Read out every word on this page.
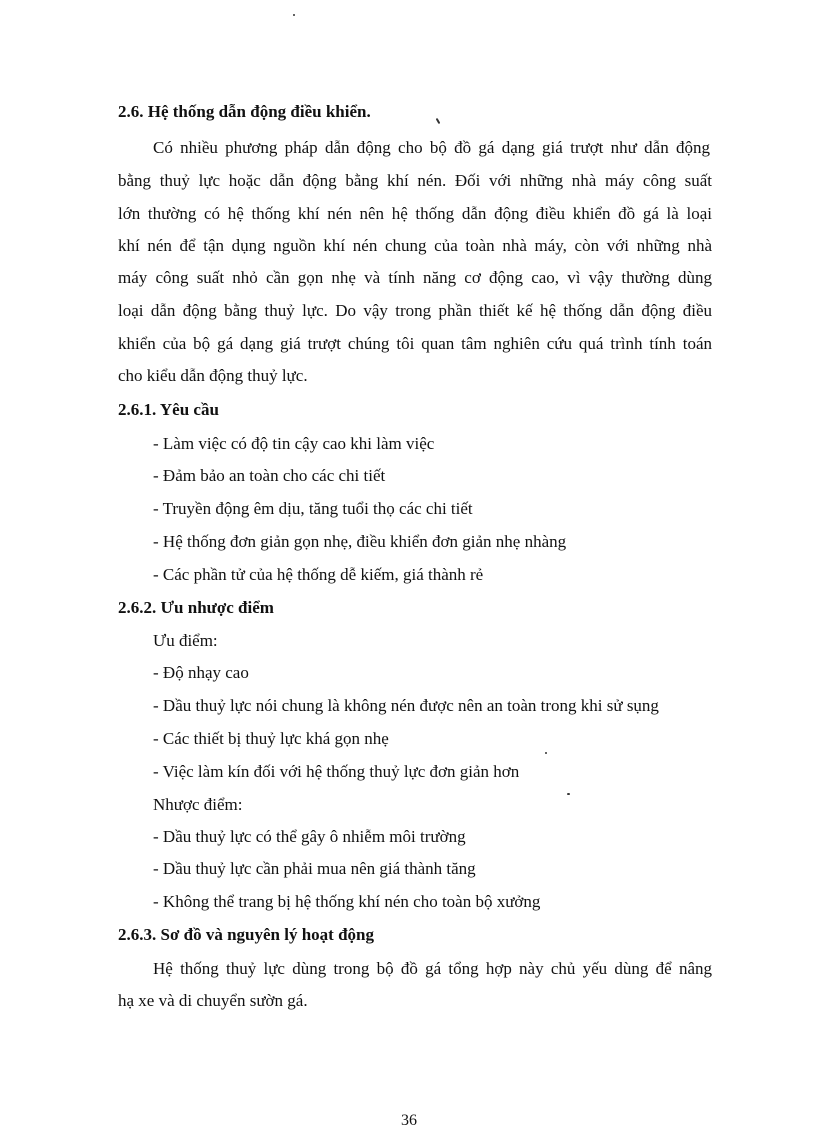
2.6. Hệ thống dẫn động điều khiển.
Có nhiều phương pháp dẫn động cho bộ đồ gá dạng giá trượt như dẫn động
bằng thuỷ lực hoặc dẫn động bằng khí nén. Đối với những nhà máy công suất
lớn thường có hệ thống khí nén nên hệ thống dẫn động điều khiển đồ gá là loại
khí nén để tận dụng nguồn khí nén chung của toàn nhà máy, còn với những nhà
máy công suất nhỏ cần gọn nhẹ và tính năng cơ động cao, vì vậy thường dùng
loại dẫn động bằng thuỷ lực. Do vậy trong phần thiết kế hệ thống dẫn động điều
khiển của bộ gá dạng giá trượt chúng tôi quan tâm nghiên cứu quá trình tính toán
cho kiểu dẫn động thuỷ lực.
2.6.1. Yêu cầu
- Làm việc có độ tin cậy cao khi làm việc
- Đảm bảo an toàn cho các chi tiết
- Truyền động êm dịu, tăng tuổi thọ các chi tiết
- Hệ thống đơn giản gọn nhẹ, điều khiển đơn giản nhẹ nhàng
- Các phần tử của hệ thống dễ kiếm, giá thành rẻ
2.6.2. Ưu nhược điểm
Ưu điểm:
- Độ nhạy cao
- Dầu thuỷ lực nói chung là không nén được nên an toàn trong khi sử sụng
- Các thiết bị thuỷ lực khá gọn nhẹ
- Việc làm kín đối với hệ thống thuỷ lực đơn giản hơn
Nhược điểm:
- Dầu thuỷ lực có thể gây ô nhiễm môi trường
- Dầu thuỷ lực cần phải mua nên giá thành tăng
- Không thể trang bị hệ thống khí nén cho toàn bộ xưởng
2.6.3. Sơ đồ và nguyên lý hoạt động
Hệ thống thuỷ lực dùng trong bộ đồ gá tổng hợp này chủ yếu dùng để nâng
hạ xe và di chuyển sườn gá.
36
